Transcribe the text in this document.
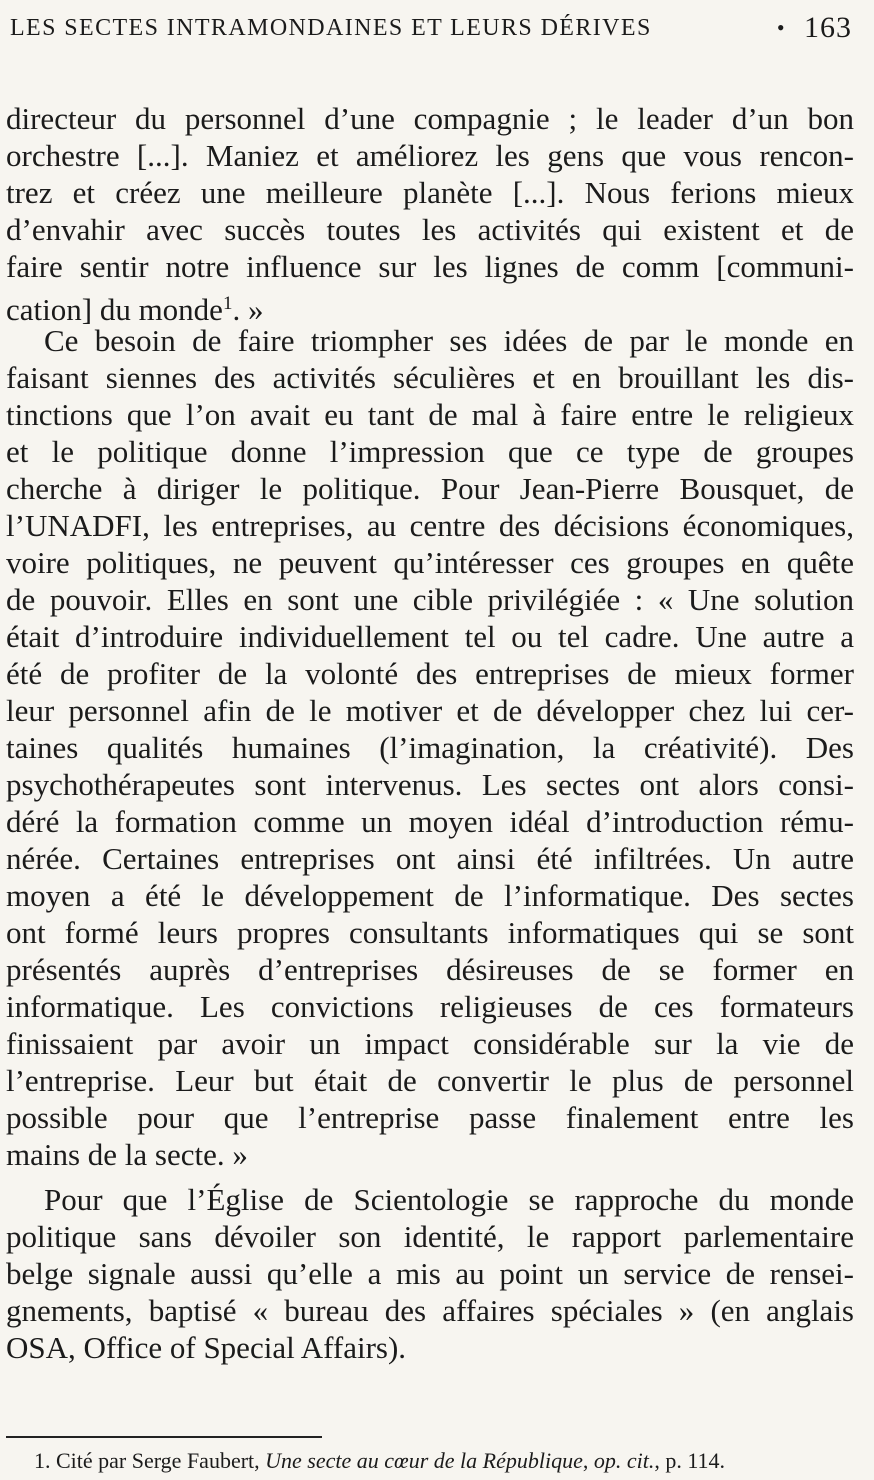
LES SECTES INTRAMONDAINES ET LEURS DÉRIVES	• 163
directeur du personnel d’une compagnie ; le leader d’un bon
orchestre [...]. Maniez et améliorez les gens que vous rencon-
trez et créez une meilleure planète [...]. Nous ferions mieux
d’envahir avec succès toutes les activités qui existent et de
faire sentir notre influence sur les lignes de comm [communi-
cation] du monde$^1$. »
Ce besoin de faire triompher ses idées de par le monde en
faisant siennes des activités séculières et en brouillant les dis-
tinctions que l’on avait eu tant de mal à faire entre le religieux
et le politique donne l’impression que ce type de groupes
cherche à diriger le politique. Pour Jean-Pierre Bousquet, de
l’UNADFI, les entreprises, au centre des décisions économiques,
voire politiques, ne peuvent qu’intéresser ces groupes en quête
de pouvoir. Elles en sont une cible privilégiée : « Une solution
était d’introduire individuellement tel ou tel cadre. Une autre a
été de profiter de la volonté des entreprises de mieux former
leur personnel afin de le motiver et de développer chez lui cer-
taines qualités humaines (l’imagination, la créativité). Des
psychothérapeutes sont intervenus. Les sectes ont alors consi-
déré la formation comme un moyen idéal d’introduction rému-
nérée. Certaines entreprises ont ainsi été infiltrées. Un autre
moyen a été le développement de l’informatique. Des sectes
ont formé leurs propres consultants informatiques qui se sont
présentés auprès d’entreprises désireuses de se former en
informatique. Les convictions religieuses de ces formateurs
finissaient par avoir un impact considérable sur la vie de
l’entreprise. Leur but était de convertir le plus de personnel
possible pour que l’entreprise passe finalement entre les
mains de la secte. »
Pour que l’Église de Scientologie se rapproche du monde
politique sans dévoiler son identité, le rapport parlementaire
belge signale aussi qu’elle a mis au point un service de rensei-
gnements, baptisé « bureau des affaires spéciales » (en anglais
OSA, Office of Special Affairs).
1. Cité par Serge Faubert, Une secte au cœur de la République, op. cit., p. 114.
